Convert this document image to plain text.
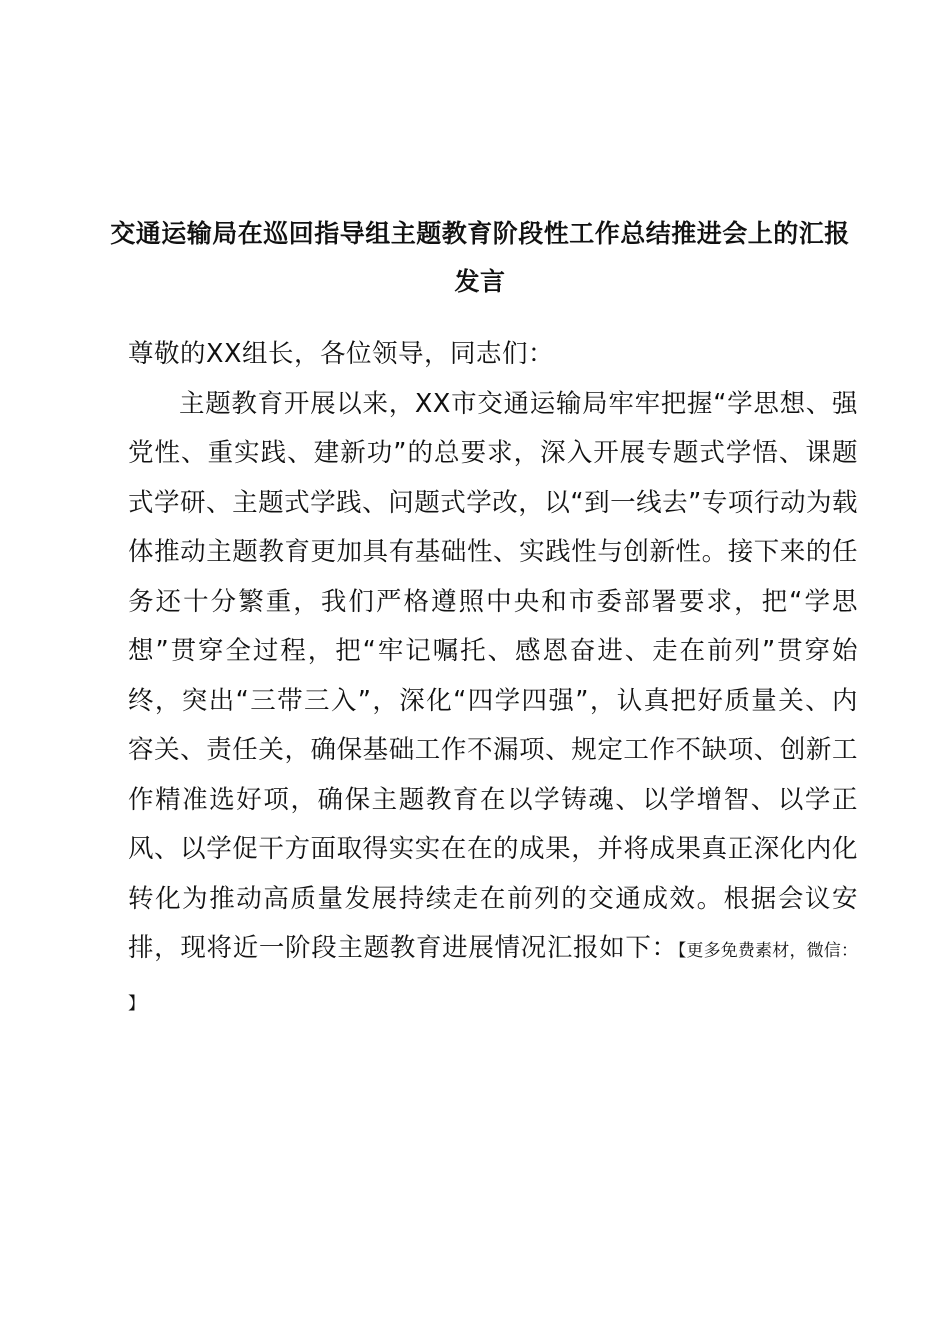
交通运输局在巡回指导组主题教育阶段性工作总结推进会上的汇报发言

尊敬的XX组长，各位领导，同志们：

主题教育开展以来，XX市交通运输局牢牢把握“学思想、强党性、重实践、建新功”的总要求，深入开展专题式学悟、课题式学研、主题式学践、问题式学改，以“到一线去”专项行动为载体推动主题教育更加具有基础性、实践性与创新性。接下来的任务还十分繁重，我们严格遵照中央和市委部署要求，把“学思想”贯穿全过程，把“牢记嘱托、感恩奋进、走在前列”贯穿始终，突出“三带三入”，深化“四学四强”，认真把好质量关、内容关、责任关，确保基础工作不漏项、规定工作不缺项、创新工作精准选好项，确保主题教育在以学铸魂、以学增智、以学正风、以学促干方面取得实实在在的成果，并将成果真正深化内化转化为推动高质量发展持续走在前列的交通成效。根据会议安排，现将近一阶段主题教育进展情况汇报如下：【更多免费素材，微信： 】
